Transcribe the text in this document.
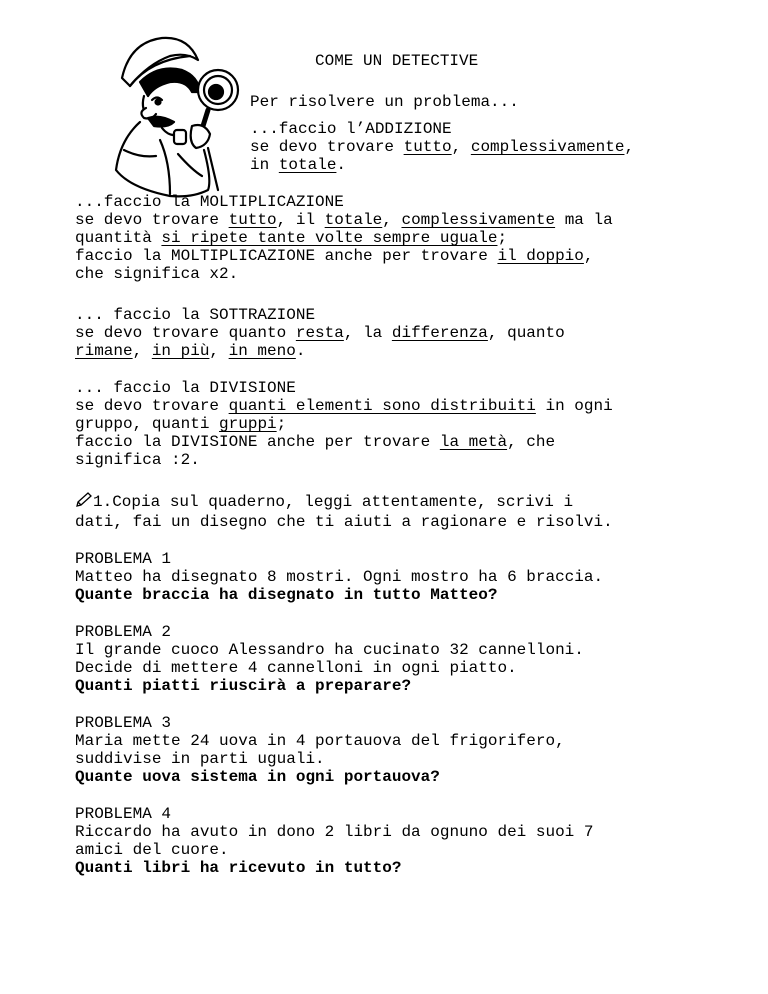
COME UN DETECTIVE
Per risolvere un problema...
...faccio l’ADDIZIONE
se devo trovare tutto, complessivamente,
in totale.
...faccio la MOLTIPLICAZIONE
se devo trovare tutto, il totale, complessivamente ma la
quantità si ripete tante volte sempre uguale;
faccio la MOLTIPLICAZIONE anche per trovare il doppio,
che significa x2.
... faccio la SOTTRAZIONE
se devo trovare quanto resta, la differenza, quanto
rimane, in più, in meno.
... faccio la DIVISIONE
se devo trovare quanti elementi sono distribuiti in ogni
gruppo, quanti gruppi;
faccio la DIVISIONE anche per trovare la metà, che
significa :2.
1.Copia sul quaderno, leggi attentamente, scrivi i
dati, fai un disegno che ti aiuti a ragionare e risolvi.
PROBLEMA 1
Matteo ha disegnato 8 mostri. Ogni mostro ha 6 braccia.
Quante braccia ha disegnato in tutto Matteo?
PROBLEMA 2
Il grande cuoco Alessandro ha cucinato 32 cannelloni.
Decide di mettere 4 cannelloni in ogni piatto.
Quanti piatti riuscirà a preparare?
PROBLEMA 3
Maria mette 24 uova in 4 portauova del frigorifero,
suddivise in parti uguali.
Quante uova sistema in ogni portauova?
PROBLEMA 4
Riccardo ha avuto in dono 2 libri da ognuno dei suoi 7
amici del cuore.
Quanti libri ha ricevuto in tutto?
